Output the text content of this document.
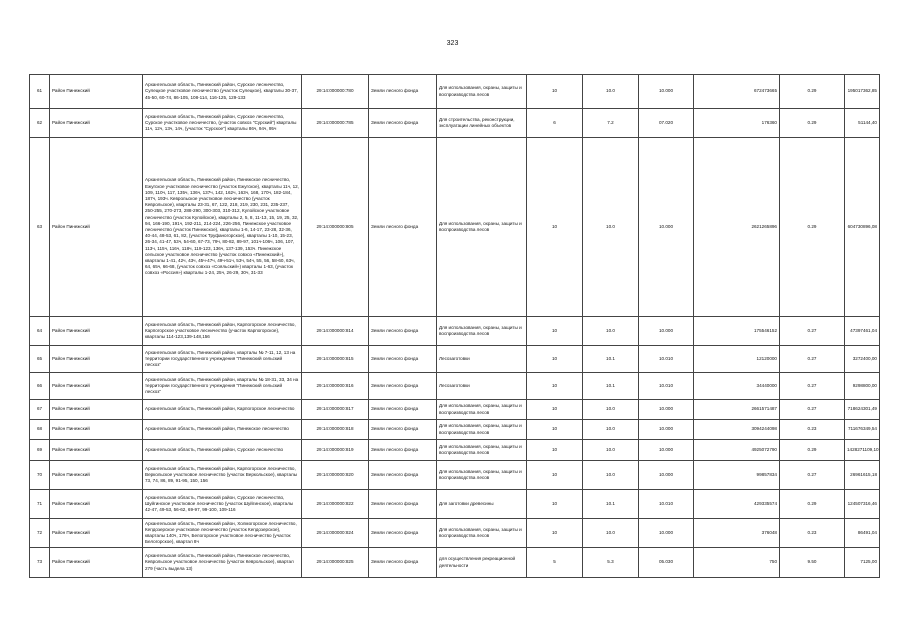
323
61	Район Пинежский	Архангельская область, Пинежский район, Сурское лесничество, Сулецкое участковое лесничество (участок Сулецкое), кварталы 30-37, 45-50, 60-74, 86-105, 108-114, 116-125, 129-133	29:14:000000:780	Земли лесного фонда	Для использования, охраны, защиты и воспроизводства лесов	10	10.0	10.000	672473665	0.29	195017362,85
62	Район Пинежский	Архангельская область, Пинежский район, Сурское лесничество, Сурское участковое лесничество, (участок совхоз "Сурский") кварталы 11ч, 12ч, 13ч, 14ч, (участок "Сурское") кварталы 86ч, 94ч, 95ч	29:14:000000:785	Земли лесного фонда	Для строительства, реконструкции, эксплуатации линейных объектов	6	7.2	07.020	176360	0.29	51144,40
63	Район Пинежский	Архангельская область, Пинежский район, Пинежское лесничество, Ежугское участковое лесничество (участок Ежугское), кварталы 11ч, 12, 109, 110ч, 117, 135ч, 136ч, 137ч, 142, 162ч, 163ч, 168, 170ч, 182-184, 187ч, 193ч. Кеврольское участковое лесничество (участок Кеврольское), кварталы 23-31, 67, 122, 218, 219, 230, 231, 235-237, 250-255, 270-273, 288-290, 300-303, 310-312, Кулойское участковое лесничество (участок Кулойское), кварталы 2, 5, 8, 11-13, 15, 19, 25, 32, 94, 166-190, 191ч, 192-211, 214-224, 226-256, Пинежское участковое лесничество (участок Пинежское), кварталы 1-6, 14-17, 23-28, 32-36, 40-44, 48-53, 61, 82, (участок Труфаногорское), кварталы 1-10, 15-23, 26-34, 41-47, 53ч, 54-60, 67-73, 79ч, 80-82, 89-97, 101ч-106ч, 106, 107, 113ч, 115ч, 116ч, 118ч, 119-123, 136ч, 137-139, 153ч. Пинежское сельское участковое лесничество (участок совхоз «Пинежский»), кварталы 1-41, 42ч, 43ч, 45ч-47ч, 49ч-51ч, 53ч, 54ч, 55, 56, 58-60, 63ч, 64, 65ч, 66-68, (участок совхоз «Сояльский») кварталы 1-63, (участок совхоз «Россия») кварталы 1-24, 25ч, 26-29, 30ч, 31-33	29:14:000000:805	Земли лесного фонда	Для использования, охраны, защиты и воспроизводства лесов	10	10.0	10.000	2621265896	0.29	604730896,08
64	Район Пинежский	Архангельская область, Пинежский район, Карпогорское лесничество, Карпогорское участковое лесничество (участок Карпогорское), кварталы 114-123,139-148,156	29:14:000000:814	Земли лесного фонда	Для использования, охраны, защиты и воспроизводства лесов	10	10.0	10.000	175546152	0.27	47397461,04
65	Район Пинежский	Архангельская область, Пинежский район, кварталы № 7-11, 12, 13 на территории государственного учреждения "Пинежский сельский лесхоз"	29:14:000000:815	Земли лесного фонда	Лесозаготовки	10	10.1	10.010	12120000	0.27	3272400,00
66	Район Пинежский	Архангельская область, Пинежский район, кварталы № 18-31, 33, 34 на территории государственного учреждения "Пинежский сельский лесхоз"	29:14:000000:816	Земли лесного фонда	Лесозаготовки	10	10.1	10.010	34440000	0.27	9298800,00
67	Район Пинежский	Архангельская область, Пинежский район, Карпогорское лесничество	29:14:000000:817	Земли лесного фонда	Для использования, охраны, защиты и воспроизводства лесов	10	10.0	10.000	2661571487	0.27	718624301,49
68	Район Пинежский	Архангельская область, Пинежский район, Пинежское лесничество	29:14:000000:818	Земли лесного фонда	Для использования, охраны, защиты и воспроизводства лесов	10	10.0	10.000	3094244098	0.23	711676349,54
69	Район Пинежский	Архангельская область, Пинежский район, Сурское лесничество	29:14:000000:819	Земли лесного фонда	Для использования, охраны, защиты и воспроизводства лесов	10	10.0	10.000	4925072790	0.29	1428271109,10
70	Район Пинежский	Архангельская область, Пинежский район, Карпогорское лесничество, Веркольское участковое лесничество (участок Веркольское), кварталы 73, 74, 86, 89, 91-95, 150, 156	29:14:000000:820	Земли лесного фонда	Для использования, охраны, защиты и воспроизводства лесов	10	10.0	10.000	99857834	0.27	26961615,18
71	Район Пинежский	Архангельская область, Пинежский район, Сурское лесничество, Шуйгинское участковое лесничество (участок Шуйгинское), кварталы 42-47, 49-53, 56-62, 69-97, 99-100, 109-116	29:14:000000:822	Земли лесного фонда	Для заготовки древесины	10	10.1	10.010	429335574	0.29	124507316,46
72	Район Пинежский	Архангельская область, Пинежский район, Холмогорское лесничество, Кепдозерское участковое лесничество (участок Кепдозерское), кварталы 140ч, 176ч, Белогорское участковое лесничество (участок Белогорское), квартал 8ч	29:14:000000:824	Земли лесного фонда	Для использования, охраны, защиты и воспроизводства лесов	10	10.0	10.000	376048	0.23	86491,04
73	Район Пинежский	Архангельская область, Пинежский район, Пинежское лесничество, Кеврольское участковое лесничество (участок Кеврольское), квартал 279 (часть выдела 13)	29:14:000000:825	Земли лесного фонда	для осуществления рекреационной деятельности	5	5.3	05.030	750	9.50	7125,00
